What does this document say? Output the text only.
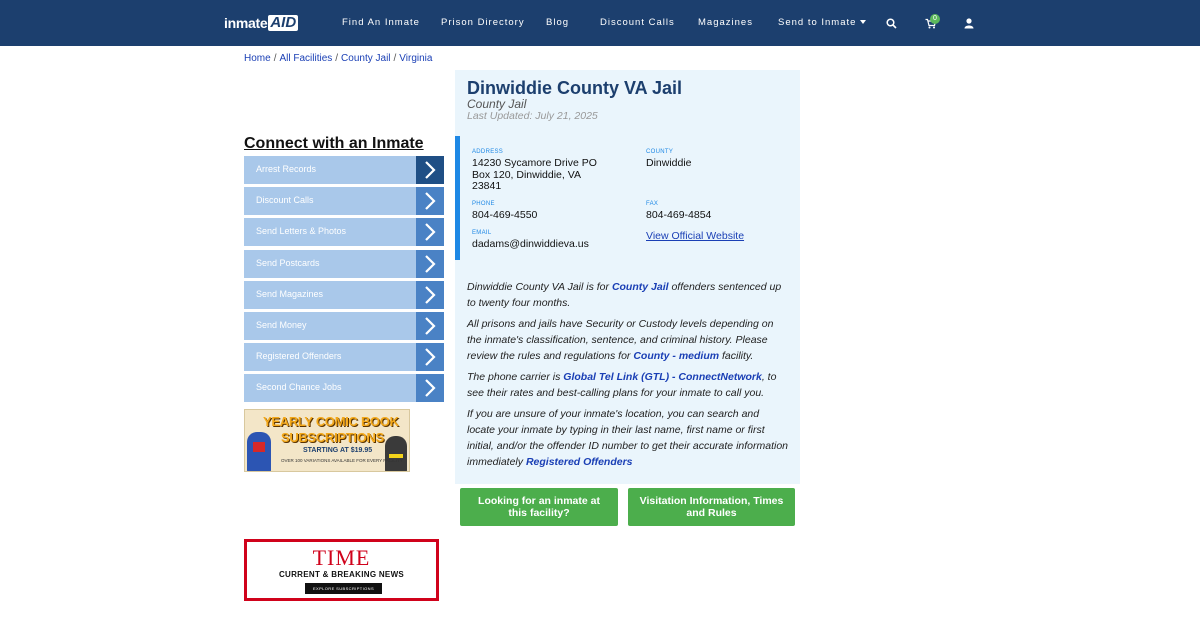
inmate AID	Find An Inmate Prison Directory Blog	Discount Calls Magazines	Send to Inmate	0
Home / All Facilities / County Jail / Virginia
Connect with an Inmate
Arrest Records
Discount Calls
Send Letters & Photos
Send Postcards
Send Magazines
Send Money
Registered Offenders
Second Chance Jobs
YEARLY COMIC BOOK
SUBSCRIPTIONS
STARTING AT $19.95
OVER 100 VARIATIONS AVAILABLE FOR EVERY FACILITY
TIME
CURRENT & BREAKING NEWS
EXPLORE SUBSCRIPTIONS
Dinwiddie County VA Jail
County Jail
Last Updated: July 21, 2025
ADDRESS
14230 Sycamore Drive PO Box 120, Dinwiddie, VA 23841
COUNTY
Dinwiddie
PHONE
804-469-4550
FAX
804-469-4854
EMAIL
dadams@dinwiddieva.us
View Official Website
Dinwiddie County VA Jail is for County Jail offenders sentenced up to twenty four months.
All prisons and jails have Security or Custody levels depending on the inmate's classification, sentence, and criminal history. Please review the rules and regulations for County - medium facility.
The phone carrier is Global Tel Link (GTL) - ConnectNetwork, to see their rates and best-calling plans for your inmate to call you.
If you are unsure of your inmate's location, you can search and locate your inmate by typing in their last name, first name or first initial, and/or the offender ID number to get their accurate information immediately Registered Offenders
Looking for an inmate at this facility?
Visitation Information, Times and Rules
